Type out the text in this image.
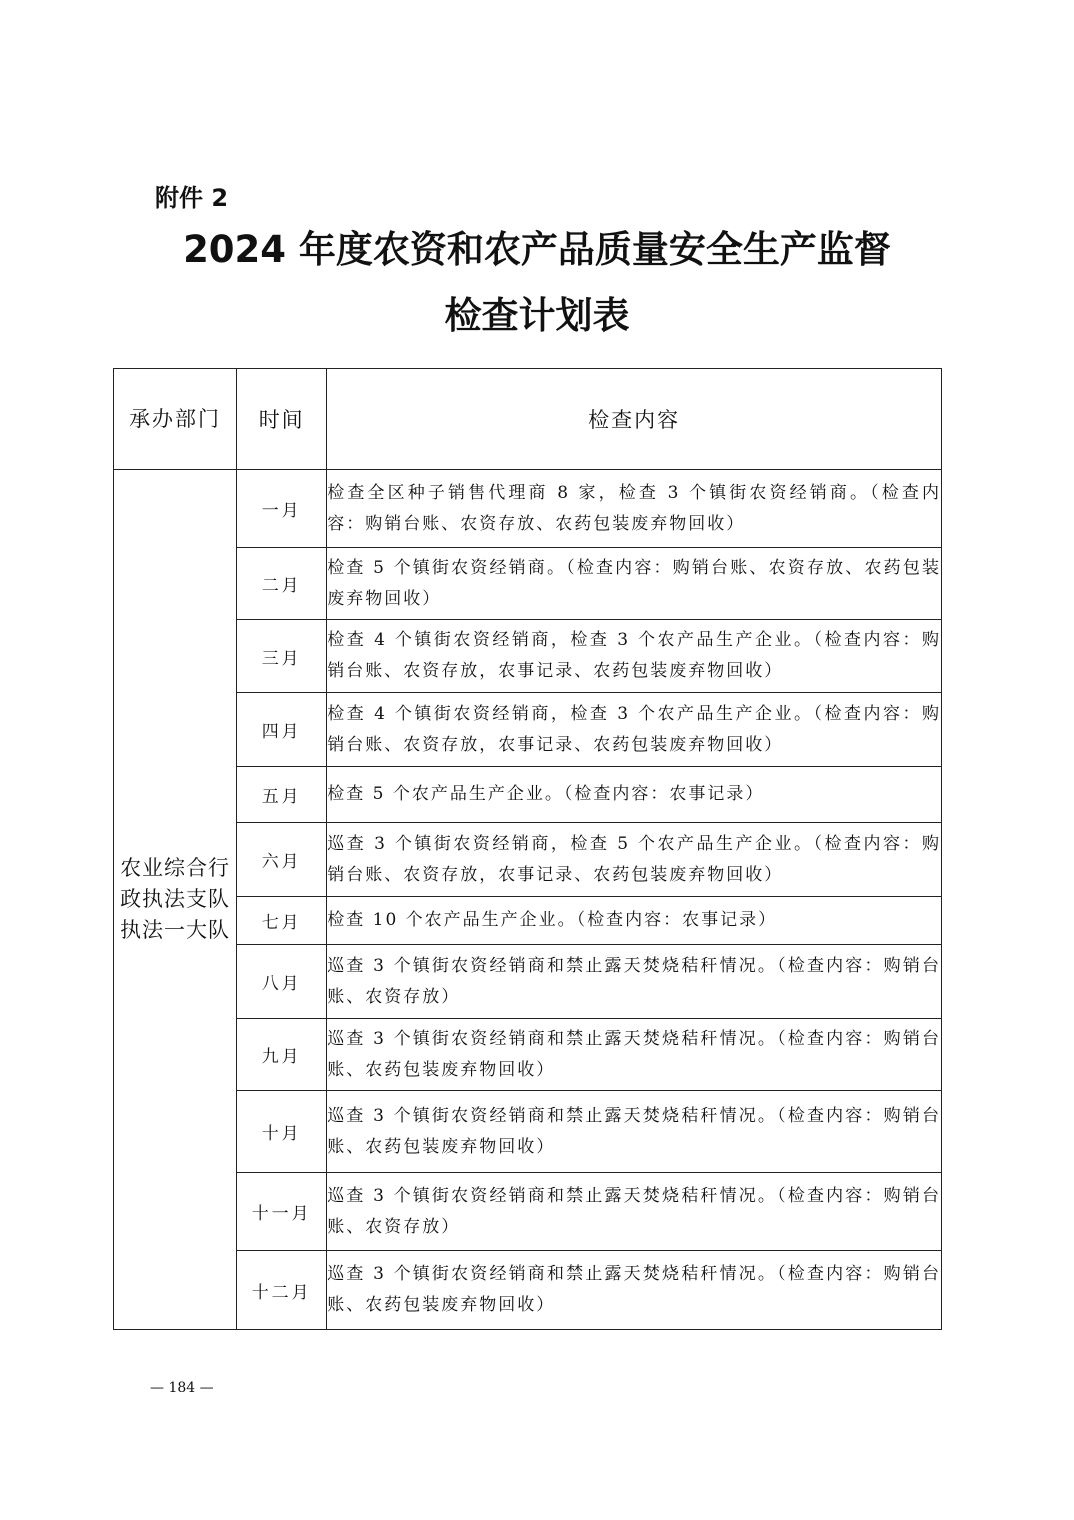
附件 2
2024 年度农资和农产品质量安全生产监督
检查计划表
承办部门	时间	检查内容
农业综合行政执法支队执法一大队	一月	检查全区种子销售代理商 8 家，检查 3 个镇街农资经销商。（检查内容：购销台账、农资存放、农药包装废弃物回收）
	二月	检查 5 个镇街农资经销商。（检查内容：购销台账、农资存放、农药包装废弃物回收）
	三月	检查 4 个镇街农资经销商，检查 3 个农产品生产企业。（检查内容：购销台账、农资存放，农事记录、农药包装废弃物回收）
	四月	检查 4 个镇街农资经销商，检查 3 个农产品生产企业。（检查内容：购销台账、农资存放，农事记录、农药包装废弃物回收）
	五月	检查 5 个农产品生产企业。（检查内容：农事记录）
	六月	巡查 3 个镇街农资经销商，检查 5 个农产品生产企业。（检查内容：购销台账、农资存放，农事记录、农药包装废弃物回收）
	七月	检查 10 个农产品生产企业。（检查内容：农事记录）
	八月	巡查 3 个镇街农资经销商和禁止露天焚烧秸秆情况。（检查内容：购销台账、农资存放）
	九月	巡查 3 个镇街农资经销商和禁止露天焚烧秸秆情况。（检查内容：购销台账、农药包装废弃物回收）
	十月	巡查 3 个镇街农资经销商和禁止露天焚烧秸秆情况。（检查内容：购销台账、农药包装废弃物回收）
	十一月	巡查 3 个镇街农资经销商和禁止露天焚烧秸秆情况。（检查内容：购销台账、农资存放）
	十二月	巡查 3 个镇街农资经销商和禁止露天焚烧秸秆情况。（检查内容：购销台账、农药包装废弃物回收）
— 184 —
